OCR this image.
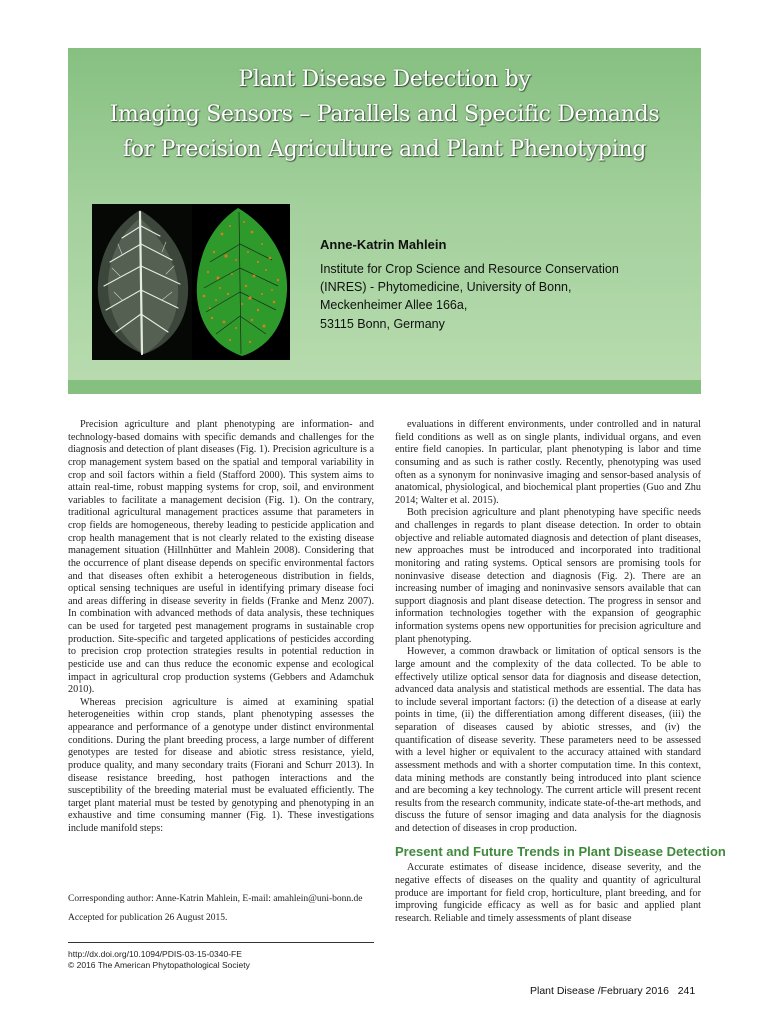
Plant Disease Detection by
Imaging Sensors – Parallels and Specific Demands
for Precision Agriculture and Plant Phenotyping
Anne-Katrin Mahlein
Institute for Crop Science and Resource Conservation
(INRES) - Phytomedicine, University of Bonn,
Meckenheimer Allee 166a,
53115 Bonn, Germany

Precision agriculture and plant phenotyping are information- and technology-based domains with specific demands and challenges for the diagnosis and detection of plant diseases (Fig. 1). Precision agriculture is a crop management system based on the spatial and temporal variability in crop and soil factors within a field (Stafford 2000). This system aims to attain real-time, robust mapping systems for crop, soil, and environment variables to facilitate a management decision (Fig. 1). On the contrary, traditional agricultural management practices assume that parameters in crop fields are homogeneous, thereby leading to pesticide application and crop health management that is not clearly related to the existing disease management situation (Hillnhütter and Mahlein 2008). Considering that the occurrence of plant disease depends on specific environmental factors and that diseases often exhibit a heterogeneous distribution in fields, optical sensing techniques are useful in identifying primary disease foci and areas differing in disease severity in fields (Franke and Menz 2007). In combination with advanced methods of data analysis, these techniques can be used for targeted pest management programs in sustainable crop production. Site-specific and targeted applications of pesticides according to precision crop protection strategies results in potential reduction in pesticide use and can thus reduce the economic expense and ecological impact in agricultural crop production systems (Gebbers and Adamchuk 2010).

Whereas precision agriculture is aimed at examining spatial heterogeneities within crop stands, plant phenotyping assesses the appearance and performance of a genotype under distinct environmental conditions. During the plant breeding process, a large number of different genotypes are tested for disease and abiotic stress resistance, yield, produce quality, and many secondary traits (Fiorani and Schurr 2013). In disease resistance breeding, host pathogen interactions and the susceptibility of the breeding material must be evaluated efficiently. The target plant material must be tested by genotyping and phenotyping in an exhaustive and time consuming manner (Fig. 1). These investigations include manifold steps:

evaluations in different environments, under controlled and in natural field conditions as well as on single plants, individual organs, and even entire field canopies. In particular, plant phenotyping is labor and time consuming and as such is rather costly. Recently, phenotyping was used often as a synonym for noninvasive imaging and sensor-based analysis of anatomical, physiological, and biochemical plant properties (Guo and Zhu 2014; Walter et al. 2015).

Both precision agriculture and plant phenotyping have specific needs and challenges in regards to plant disease detection. In order to obtain objective and reliable automated diagnosis and detection of plant diseases, new approaches must be introduced and incorporated into traditional monitoring and rating systems. Optical sensors are promising tools for noninvasive disease detection and diagnosis (Fig. 2). There are an increasing number of imaging and noninvasive sensors available that can support diagnosis and plant disease detection. The progress in sensor and information technologies together with the expansion of geographic information systems opens new opportunities for precision agriculture and plant phenotyping.

However, a common drawback or limitation of optical sensors is the large amount and the complexity of the data collected. To be able to effectively utilize optical sensor data for diagnosis and disease detection, advanced data analysis and statistical methods are essential. The data has to include several important factors: (i) the detection of a disease at early points in time, (ii) the differentiation among different diseases, (iii) the separation of diseases caused by abiotic stresses, and (iv) the quantification of disease severity. These parameters need to be assessed with a level higher or equivalent to the accuracy attained with standard assessment methods and with a shorter computation time. In this context, data mining methods are constantly being introduced into plant science and are becoming a key technology. The current article will present recent results from the research community, indicate state-of-the-art methods, and discuss the future of sensor imaging and data analysis for the diagnosis and detection of diseases in crop production.

Present and Future Trends in Plant Disease Detection

Accurate estimates of disease incidence, disease severity, and the negative effects of diseases on the quality and quantity of agricultural produce are important for field crop, horticulture, plant breeding, and for improving fungicide efficacy as well as for basic and applied plant research. Reliable and timely assessments of plant disease

Corresponding author: Anne-Katrin Mahlein, E-mail: amahlein@uni-bonn.de
Accepted for publication 26 August 2015.
http://dx.doi.org/10.1094/PDIS-03-15-0340-FE
© 2016 The American Phytopathological Society
Plant Disease /February 2016 241
